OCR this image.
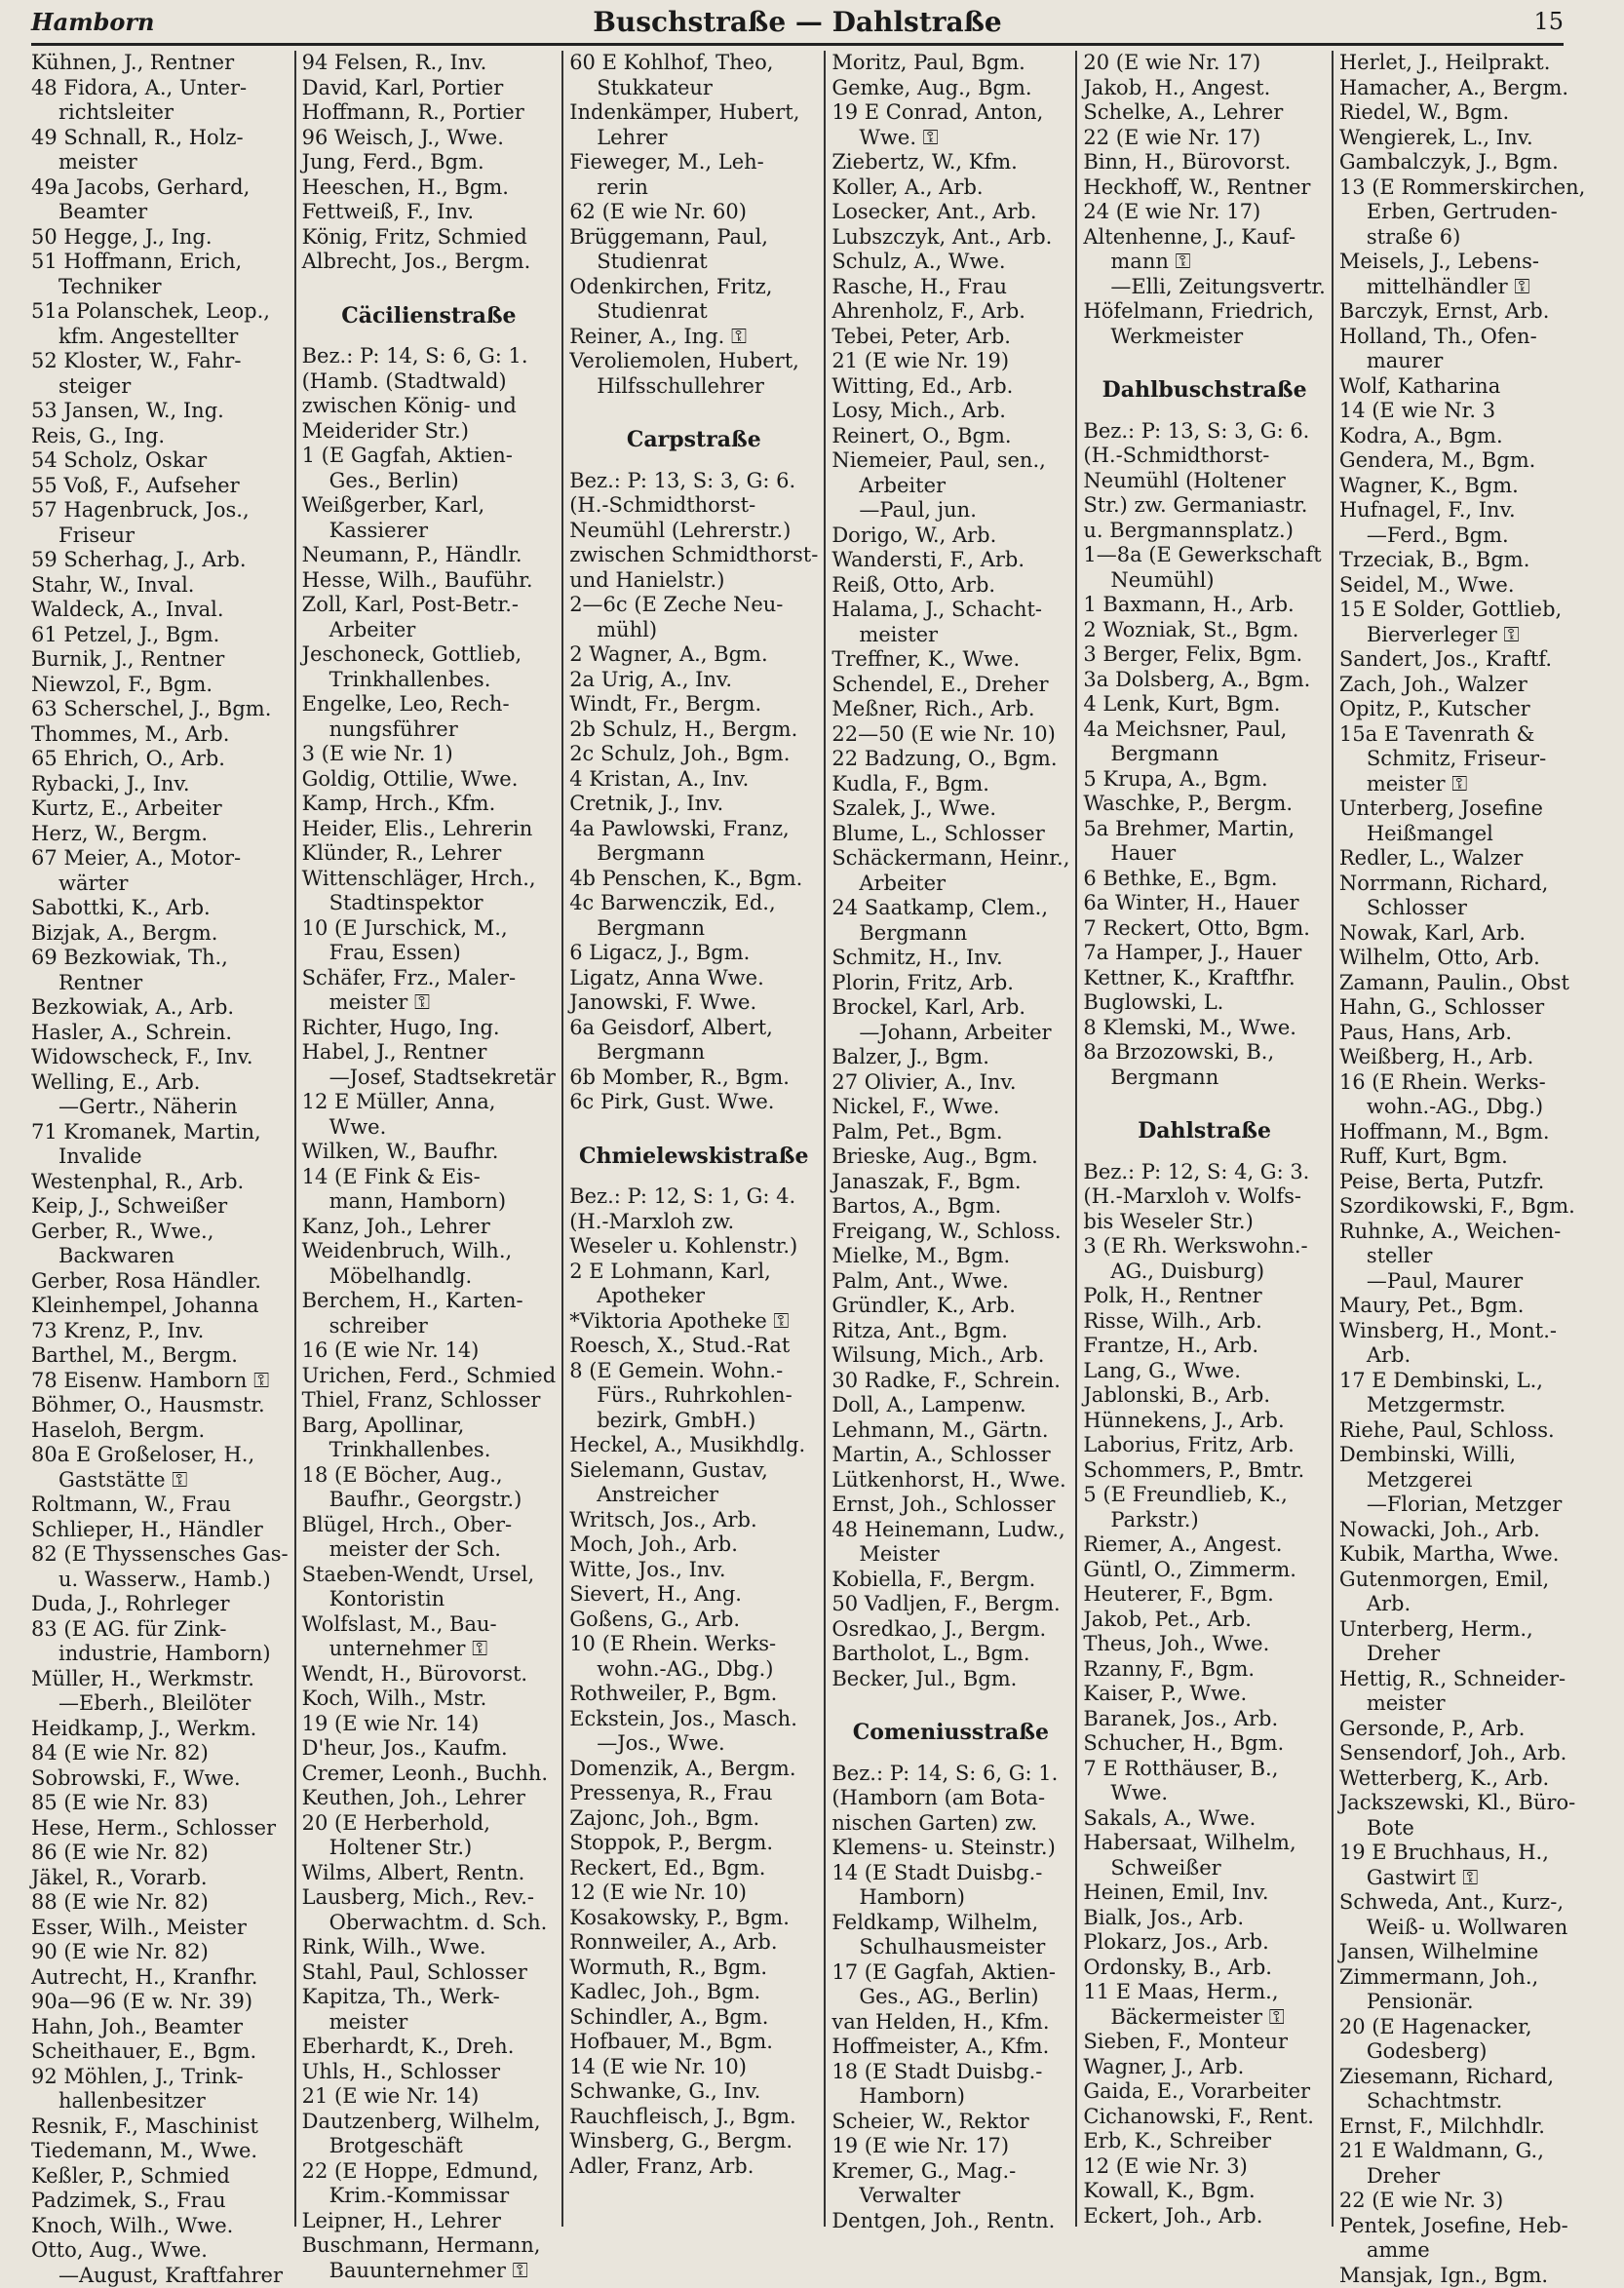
Hamborn	Buschstraße — Dahlstraße	15
Kühnen, J., Rentner
48 Fidora, A., Unter-
richtsleiter
49 Schnall, R., Holz-
meister
49a Jacobs, Gerhard,
Beamter
50 Hegge, J., Ing.
51 Hoffmann, Erich,
Techniker
51a Polanschek, Leop.,
kfm. Angestellter
52 Kloster, W., Fahr-
steiger
53 Jansen, W., Ing.
Reis, G., Ing.
54 Scholz, Oskar
55 Voß, F., Aufseher
57 Hagenbruck, Jos.,
Friseur
59 Scherhag, J., Arb.
Stahr, W., Inval.
Waldeck, A., Inval.
61 Petzel, J., Bgm.
Burnik, J., Rentner
Niewzol, F., Bgm.
63 Scherschel, J., Bgm.
Thommes, M., Arb.
65 Ehrich, O., Arb.
Rybacki, J., Inv.
Kurtz, E., Arbeiter
Herz, W., Bergm.
67 Meier, A., Motor-
wärter
Sabottki, K., Arb.
Bizjak, A., Bergm.
69 Bezkowiak, Th.,
Rentner
Bezkowiak, A., Arb.
Hasler, A., Schrein.
Widowscheck, F., Inv.
Welling, E., Arb.
—Gertr., Näherin
71 Kromanek, Martin,
Invalide
Westenphal, R., Arb.
Keip, J., Schweißer
Gerber, R., Wwe.,
Backwaren
Gerber, Rosa Händler.
Kleinhempel, Johanna
73 Krenz, P., Inv.
Barthel, M., Bergm.
78 Eisenw. Hamborn ⚿
Böhmer, O., Hausmstr.
Haseloh, Bergm.
80a E Großeloser, H.,
Gaststätte ⚿
Roltmann, W., Frau
Schlieper, H., Händler
82 (E Thyssensches Gas-
u. Wasserw., Hamb.)
Duda, J., Rohrleger
83 (E AG. für Zink-
industrie, Hamborn)
Müller, H., Werkmstr.
—Eberh., Bleilöter
Heidkamp, J., Werkm.
84 (E wie Nr. 82)
Sobrowski, F., Wwe.
85 (E wie Nr. 83)
Hese, Herm., Schlosser
86 (E wie Nr. 82)
Jäkel, R., Vorarb.
88 (E wie Nr. 82)
Esser, Wilh., Meister
90 (E wie Nr. 82)
Autrecht, H., Kranfhr.
90a—96 (E w. Nr. 39)
Hahn, Joh., Beamter
Scheithauer, E., Bgm.
92 Möhlen, J., Trink-
hallenbesitzer
Resnik, F., Maschinist
Tiedemann, M., Wwe.
Keßler, P., Schmied
Padzimek, S., Frau
Knoch, Wilh., Wwe.
Otto, Aug., Wwe.
—August, Kraftfahrer
94 Felsen, R., Inv.
David, Karl, Portier
Hoffmann, R., Portier
96 Weisch, J., Wwe.
Jung, Ferd., Bgm.
Heeschen, H., Bgm.
Fettweiß, F., Inv.
König, Fritz, Schmied
Albrecht, Jos., Bergm.
Cäcilienstraße
Bez.: P: 14, S: 6, G: 1.
(Hamb. (Stadtwald)
zwischen König- und
Meiderider Str.)
1 (E Gagfah, Aktien-
Ges., Berlin)
Weißgerber, Karl,
Kassierer
Neumann, P., Händlr.
Hesse, Wilh., Bauführ.
Zoll, Karl, Post-Betr.-
Arbeiter
Jeschoneck, Gottlieb,
Trinkhallenbes.
Engelke, Leo, Rech-
nungsführer
3 (E wie Nr. 1)
Goldig, Ottilie, Wwe.
Kamp, Hrch., Kfm.
Heider, Elis., Lehrerin
Klünder, R., Lehrer
Wittenschläger, Hrch.,
Stadtinspektor
10 (E Jurschick, M.,
Frau, Essen)
Schäfer, Frz., Maler-
meister ⚿
Richter, Hugo, Ing.
Habel, J., Rentner
—Josef, Stadtsekretär
12 E Müller, Anna,
Wwe.
Wilken, W., Baufhr.
14 (E Fink & Eis-
mann, Hamborn)
Kanz, Joh., Lehrer
Weidenbruch, Wilh.,
Möbelhandlg.
Berchem, H., Karten-
schreiber
16 (E wie Nr. 14)
Urichen, Ferd., Schmied
Thiel, Franz, Schlosser
Barg, Apollinar,
Trinkhallenbes.
18 (E Böcher, Aug.,
Baufhr., Georgstr.)
Blügel, Hrch., Ober-
meister der Sch.
Staeben-Wendt, Ursel,
Kontoristin
Wolfslast, M., Bau-
unternehmer ⚿
Wendt, H., Bürovorst.
Koch, Wilh., Mstr.
19 (E wie Nr. 14)
D'heur, Jos., Kaufm.
Cremer, Leonh., Buchh.
Keuthen, Joh., Lehrer
20 (E Herberhold,
Holtener Str.)
Wilms, Albert, Rentn.
Lausberg, Mich., Rev.-
Oberwachtm. d. Sch.
Rink, Wilh., Wwe.
Stahl, Paul, Schlosser
Kapitza, Th., Werk-
meister
Eberhardt, K., Dreh.
Uhls, H., Schlosser
21 (E wie Nr. 14)
Dautzenberg, Wilhelm,
Brotgeschäft
22 (E Hoppe, Edmund,
Krim.-Kommissar
Leipner, H., Lehrer
Buschmann, Hermann,
Bauunternehmer ⚿
60 E Kohlhof, Theo,
Stukkateur
Indenkämper, Hubert,
Lehrer
Fieweger, M., Leh-
rerin
62 (E wie Nr. 60)
Brüggemann, Paul,
Studienrat
Odenkirchen, Fritz,
Studienrat
Reiner, A., Ing. ⚿
Veroliemolen, Hubert,
Hilfsschullehrer
Carpstraße
Bez.: P: 13, S: 3, G: 6.
(H.-Schmidthorst-
Neumühl (Lehrerstr.)
zwischen Schmidthorst-
und Hanielstr.)
2—6c (E Zeche Neu-
mühl)
2 Wagner, A., Bgm.
2a Urig, A., Inv.
Windt, Fr., Bergm.
2b Schulz, H., Bergm.
2c Schulz, Joh., Bgm.
4 Kristan, A., Inv.
Cretnik, J., Inv.
4a Pawlowski, Franz,
Bergmann
4b Penschen, K., Bgm.
4c Barwenczik, Ed.,
Bergmann
6 Ligacz, J., Bgm.
Ligatz, Anna Wwe.
Janowski, F. Wwe.
6a Geisdorf, Albert,
Bergmann
6b Momber, R., Bgm.
6c Pirk, Gust. Wwe.
Chmielewskistraße
Bez.: P: 12, S: 1, G: 4.
(H.-Marxloh zw.
Weseler u. Kohlenstr.)
2 E Lohmann, Karl,
Apotheker
*Viktoria Apotheke ⚿
Roesch, X., Stud.-Rat
8 (E Gemein. Wohn.-
Fürs., Ruhrkohlen-
bezirk, GmbH.)
Heckel, A., Musikhdlg.
Sielemann, Gustav,
Anstreicher
Writsch, Jos., Arb.
Moch, Joh., Arb.
Witte, Jos., Inv.
Sievert, H., Ang.
Goßens, G., Arb.
10 (E Rhein. Werks-
wohn.-AG., Dbg.)
Rothweiler, P., Bgm.
Eckstein, Jos., Masch.
—Jos., Wwe.
Domenzik, A., Bergm.
Pressenya, R., Frau
Zajonc, Joh., Bgm.
Stoppok, P., Bergm.
Reckert, Ed., Bgm.
12 (E wie Nr. 10)
Kosakowsky, P., Bgm.
Ronnweiler, A., Arb.
Wormuth, R., Bgm.
Kadlec, Joh., Bgm.
Schindler, A., Bgm.
Hofbauer, M., Bgm.
14 (E wie Nr. 10)
Schwanke, G., Inv.
Rauchfleisch, J., Bgm.
Winsberg, G., Bergm.
Adler, Franz, Arb.
Moritz, Paul, Bgm.
Gemke, Aug., Bgm.
19 E Conrad, Anton,
Wwe. ⚿
Ziebertz, W., Kfm.
Koller, A., Arb.
Losecker, Ant., Arb.
Lubszczyk, Ant., Arb.
Schulz, A., Wwe.
Rasche, H., Frau
Ahrenholz, F., Arb.
Tebei, Peter, Arb.
21 (E wie Nr. 19)
Witting, Ed., Arb.
Losy, Mich., Arb.
Reinert, O., Bgm.
Niemeier, Paul, sen.,
Arbeiter
—Paul, jun.
Dorigo, W., Arb.
Wandersti, F., Arb.
Reiß, Otto, Arb.
Halama, J., Schacht-
meister
Treffner, K., Wwe.
Schendel, E., Dreher
Meßner, Rich., Arb.
22—50 (E wie Nr. 10)
22 Badzung, O., Bgm.
Kudla, F., Bgm.
Szalek, J., Wwe.
Blume, L., Schlosser
Schäckermann, Heinr.,
Arbeiter
24 Saatkamp, Clem.,
Bergmann
Schmitz, H., Inv.
Plorin, Fritz, Arb.
Brockel, Karl, Arb.
—Johann, Arbeiter
Balzer, J., Bgm.
27 Olivier, A., Inv.
Nickel, F., Wwe.
Palm, Pet., Bgm.
Brieske, Aug., Bgm.
Janaszak, F., Bgm.
Bartos, A., Bgm.
Freigang, W., Schloss.
Mielke, M., Bgm.
Palm, Ant., Wwe.
Gründler, K., Arb.
Ritza, Ant., Bgm.
Wilsung, Mich., Arb.
30 Radke, F., Schrein.
Doll, A., Lampenw.
Lehmann, M., Gärtn.
Martin, A., Schlosser
Lütkenhorst, H., Wwe.
Ernst, Joh., Schlosser
48 Heinemann, Ludw.,
Meister
Kobiella, F., Bergm.
50 Vadljen, F., Bergm.
Osredkao, J., Bergm.
Bartholot, L., Bgm.
Becker, Jul., Bgm.
Comeniusstraße
Bez.: P: 14, S: 6, G: 1.
(Hamborn (am Bota-
nischen Garten) zw.
Klemens- u. Steinstr.)
14 (E Stadt Duisbg.-
Hamborn)
Feldkamp, Wilhelm,
Schulhausmeister
17 (E Gagfah, Aktien-
Ges., AG., Berlin)
van Helden, H., Kfm.
Hoffmeister, A., Kfm.
18 (E Stadt Duisbg.-
Hamborn)
Scheier, W., Rektor
19 (E wie Nr. 17)
Kremer, G., Mag.-
Verwalter
Dentgen, Joh., Rentn.
20 (E wie Nr. 17)
Jakob, H., Angest.
Schelke, A., Lehrer
22 (E wie Nr. 17)
Binn, H., Bürovorst.
Heckhoff, W., Rentner
24 (E wie Nr. 17)
Altenhenne, J., Kauf-
mann ⚿
—Elli, Zeitungsvertr.
Höfelmann, Friedrich,
Werkmeister
Dahlbuschstraße
Bez.: P: 13, S: 3, G: 6.
(H.-Schmidthorst-
Neumühl (Holtener
Str.) zw. Germaniastr.
u. Bergmannsplatz.)
1—8a (E Gewerkschaft
Neumühl)
1 Baxmann, H., Arb.
2 Wozniak, St., Bgm.
3 Berger, Felix, Bgm.
3a Dolsberg, A., Bgm.
4 Lenk, Kurt, Bgm.
4a Meichsner, Paul,
Bergmann
5 Krupa, A., Bgm.
Waschke, P., Bergm.
5a Brehmer, Martin,
Hauer
6 Bethke, E., Bgm.
6a Winter, H., Hauer
7 Reckert, Otto, Bgm.
7a Hamper, J., Hauer
Kettner, K., Kraftfhr.
Buglowski, L.
8 Klemski, M., Wwe.
8a Brzozowski, B.,
Bergmann
Dahlstraße
Bez.: P: 12, S: 4, G: 3.
(H.-Marxloh v. Wolfs-
bis Weseler Str.)
3 (E Rh. Werkswohn.-
AG., Duisburg)
Polk, H., Rentner
Risse, Wilh., Arb.
Frantze, H., Arb.
Lang, G., Wwe.
Jablonski, B., Arb.
Hünnekens, J., Arb.
Laborius, Fritz, Arb.
Schommers, P., Bmtr.
5 (E Freundlieb, K.,
Parkstr.)
Riemer, A., Angest.
Güntl, O., Zimmerm.
Heuterer, F., Bgm.
Jakob, Pet., Arb.
Theus, Joh., Wwe.
Rzanny, F., Bgm.
Kaiser, P., Wwe.
Baranek, Jos., Arb.
Schucher, H., Bgm.
7 E Rotthäuser, B.,
Wwe.
Sakals, A., Wwe.
Habersaat, Wilhelm,
Schweißer
Heinen, Emil, Inv.
Bialk, Jos., Arb.
Plokarz, Jos., Arb.
Ordonsky, B., Arb.
11 E Maas, Herm.,
Bäckermeister ⚿
Sieben, F., Monteur
Wagner, J., Arb.
Gaida, E., Vorarbeiter
Cichanowski, F., Rent.
Erb, K., Schreiber
12 (E wie Nr. 3)
Kowall, K., Bgm.
Eckert, Joh., Arb.
Herlet, J., Heilprakt.
Hamacher, A., Bergm.
Riedel, W., Bgm.
Wengierek, L., Inv.
Gambalczyk, J., Bgm.
13 (E Rommerskirchen,
Erben, Gertruden-
straße 6)
Meisels, J., Lebens-
mittelhändler ⚿
Barczyk, Ernst, Arb.
Holland, Th., Ofen-
maurer
Wolf, Katharina
14 (E wie Nr. 3
Kodra, A., Bgm.
Gendera, M., Bgm.
Wagner, K., Bgm.
Hufnagel, F., Inv.
—Ferd., Bgm.
Trzeciak, B., Bgm.
Seidel, M., Wwe.
15 E Solder, Gottlieb,
Bierverleger ⚿
Sandert, Jos., Kraftf.
Zach, Joh., Walzer
Opitz, P., Kutscher
15a E Tavenrath &
Schmitz, Friseur-
meister ⚿
Unterberg, Josefine
Heißmangel
Redler, L., Walzer
Norrmann, Richard,
Schlosser
Nowak, Karl, Arb.
Wilhelm, Otto, Arb.
Zamann, Paulin., Obst
Hahn, G., Schlosser
Paus, Hans, Arb.
Weißberg, H., Arb.
16 (E Rhein. Werks-
wohn.-AG., Dbg.)
Hoffmann, M., Bgm.
Ruff, Kurt, Bgm.
Peise, Berta, Putzfr.
Szordikowski, F., Bgm.
Ruhnke, A., Weichen-
steller
—Paul, Maurer
Maury, Pet., Bgm.
Winsberg, H., Mont.-
Arb.
17 E Dembinski, L.,
Metzgermstr.
Riehe, Paul, Schloss.
Dembinski, Willi,
Metzgerei
—Florian, Metzger
Nowacki, Joh., Arb.
Kubik, Martha, Wwe.
Gutenmorgen, Emil,
Arb.
Unterberg, Herm.,
Dreher
Hettig, R., Schneider-
meister
Gersonde, P., Arb.
Sensendorf, Joh., Arb.
Wetterberg, K., Arb.
Jackszewski, Kl., Büro-
Bote
19 E Bruchhaus, H.,
Gastwirt ⚿
Schweda, Ant., Kurz-,
Weiß- u. Wollwaren
Jansen, Wilhelmine
Zimmermann, Joh.,
Pensionär.
20 (E Hagenacker,
Godesberg)
Ziesemann, Richard,
Schachtmstr.
Ernst, F., Milchhdlr.
21 E Waldmann, G.,
Dreher
22 (E wie Nr. 3)
Pentek, Josefine, Heb-
amme
Mansjak, Ign., Bgm.
